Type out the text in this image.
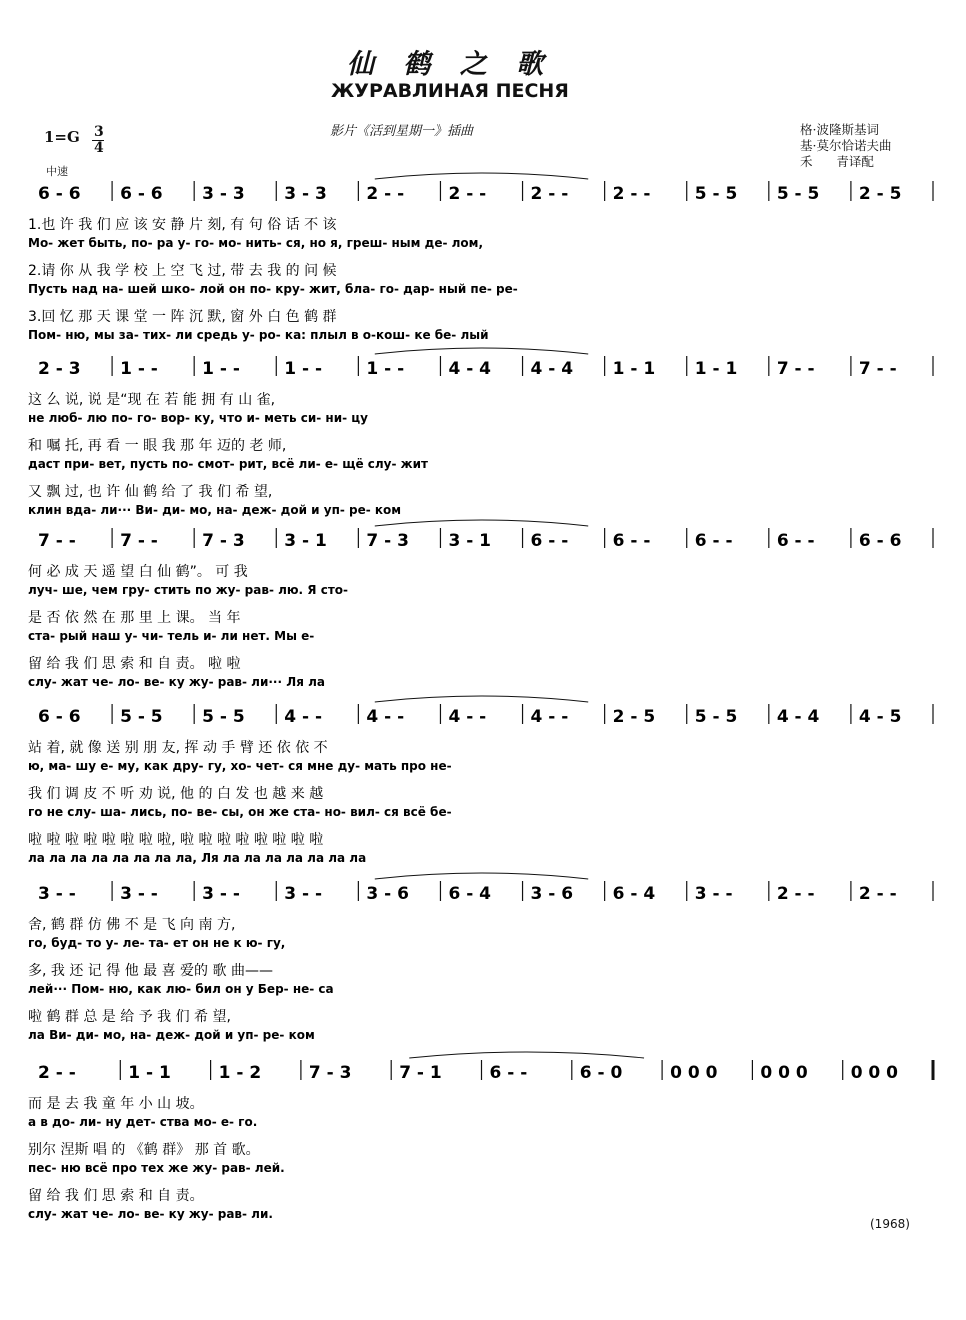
仙 鹤 之 歌
ЖУРАВЛИНАЯ ПЕСНЯ
影片《活到星期一》插曲	格·波隆斯基词
基·莫尔恰诺夫曲
禾      青译配
1=G 3
4
中速
(1968)
6 - 6 6 - 6 3 - 3 3 - 3 2 - -	2 - -	2 - -	2 - -	5 - 5 5 - 5 2 - 5
1.也 许 我 们 应 该 安 静 片 刻, 有 句 俗 话 不 该
Мо- жет быть, по- ра у- го- мо- нить- ся, но я, греш- ным де- лом,
2.请 你 从 我 学 校 上 空 飞 过, 带 去 我 的 问 候
Пусть над на- шей шко- лой он по- кру- жит, бла- го- дар- ный пе- ре-
3.回 忆 那 天 课 堂 一 阵 沉 默, 窗 外 白 色 鹤 群
Пом- ню, мы за- тих- ли средь у- ро- ка: плыл в о-кош- ке бе- лый
2 - 3 1 - -	1 - -	1 - -	1 - -	4 - 4 4 - 4 1 - 1 1 - 1 7 - -	7 - -
这 么 说, 说 是“现 在 若 能 拥 有 山 雀,
не люб- лю по- го- вор- ку, что и- меть си- ни- цу
和 嘱 托, 再 看 一 眼 我 那 年 迈的 老 师,
даст при- вет, пусть по- смот- рит, всё ли- е- щё слу- жит
又 飘 过, 也 许 仙 鹤 给 了 我 们 希 望,
клин вда- ли··· Ви- ди- мо, на- деж- дой и уп- ре- ком
7 - -	7 - -	7 - 3 3 - 1 7 - 3 3 - 1 6 - -	6 - -	6 - -	6 - -	6 - 6
何 必 成 天 遥 望 白 仙 鹤”。 可 我
луч- ше, чем гру- стить по жу- рав- лю. Я сто-
是 否 依 然 在 那 里 上 课。 当 年
ста- рый наш у- чи- тель и- ли нет. Мы е-
留 给 我 们 思 索 和 自 责。 啦 啦
слу- жат че- ло- ве- ку жу- рав- ли··· Ля ла
6 - 6 5 - 5 5 - 5 4 - -	4 - -	4 - -	4 - -	2 - 5 5 - 5 4 - 4 4 - 5
站 着, 就 像 送 别 朋 友, 挥 动 手 臂 还 依 依 不
ю, ма- шу е- му, как дру- гу, хо- чет- ся мне ду- мать про не-
我 们 调 皮 不 听 劝 说, 他 的 白 发 也 越 来 越
го не слу- ша- лись, по- ве- сы, он же ста- но- вил- ся всё бе-
啦 啦 啦 啦 啦 啦 啦 啦, 啦 啦 啦 啦 啦 啦 啦 啦
ла ла ла ла ла ла ла ла, Ля ла ла ла ла ла ла ла
3 - -	3 - -	3 - -	3 - -	3 - 6 6 - 4 3 - 6 6 - 4 3 - -	2 - -	2 - -
舍, 鹤 群 仿 佛 不 是 飞 向 南 方,
го, буд- то у- ле- та- ет он не к ю- гу,
多, 我 还 记 得 他 最 喜 爱的 歌 曲——
лей··· Пом- ню, как лю- бил он у Бер- не- са
啦 鹤 群 总 是 给 予 我 们 希 望,
ла Ви- ди- мо, на- деж- дой и уп- ре- ком
2 - -	1 - 1	1 - 2	7 - 3	7 - 1	6 - -	6 - 0	0 0 0	0 0 0	0 0 0
而 是 去 我 童 年 小 山 坡。
а в до- ли- ну дет- ства мо- е- го.
别尔 涅斯 唱 的 《鹤 群》 那 首 歌。
пес- ню всё про тех же жу- рав- лей.
留 给 我 们 思 索 和 自 责。
слу- жат че- ло- ве- ку жу- рав- ли.
